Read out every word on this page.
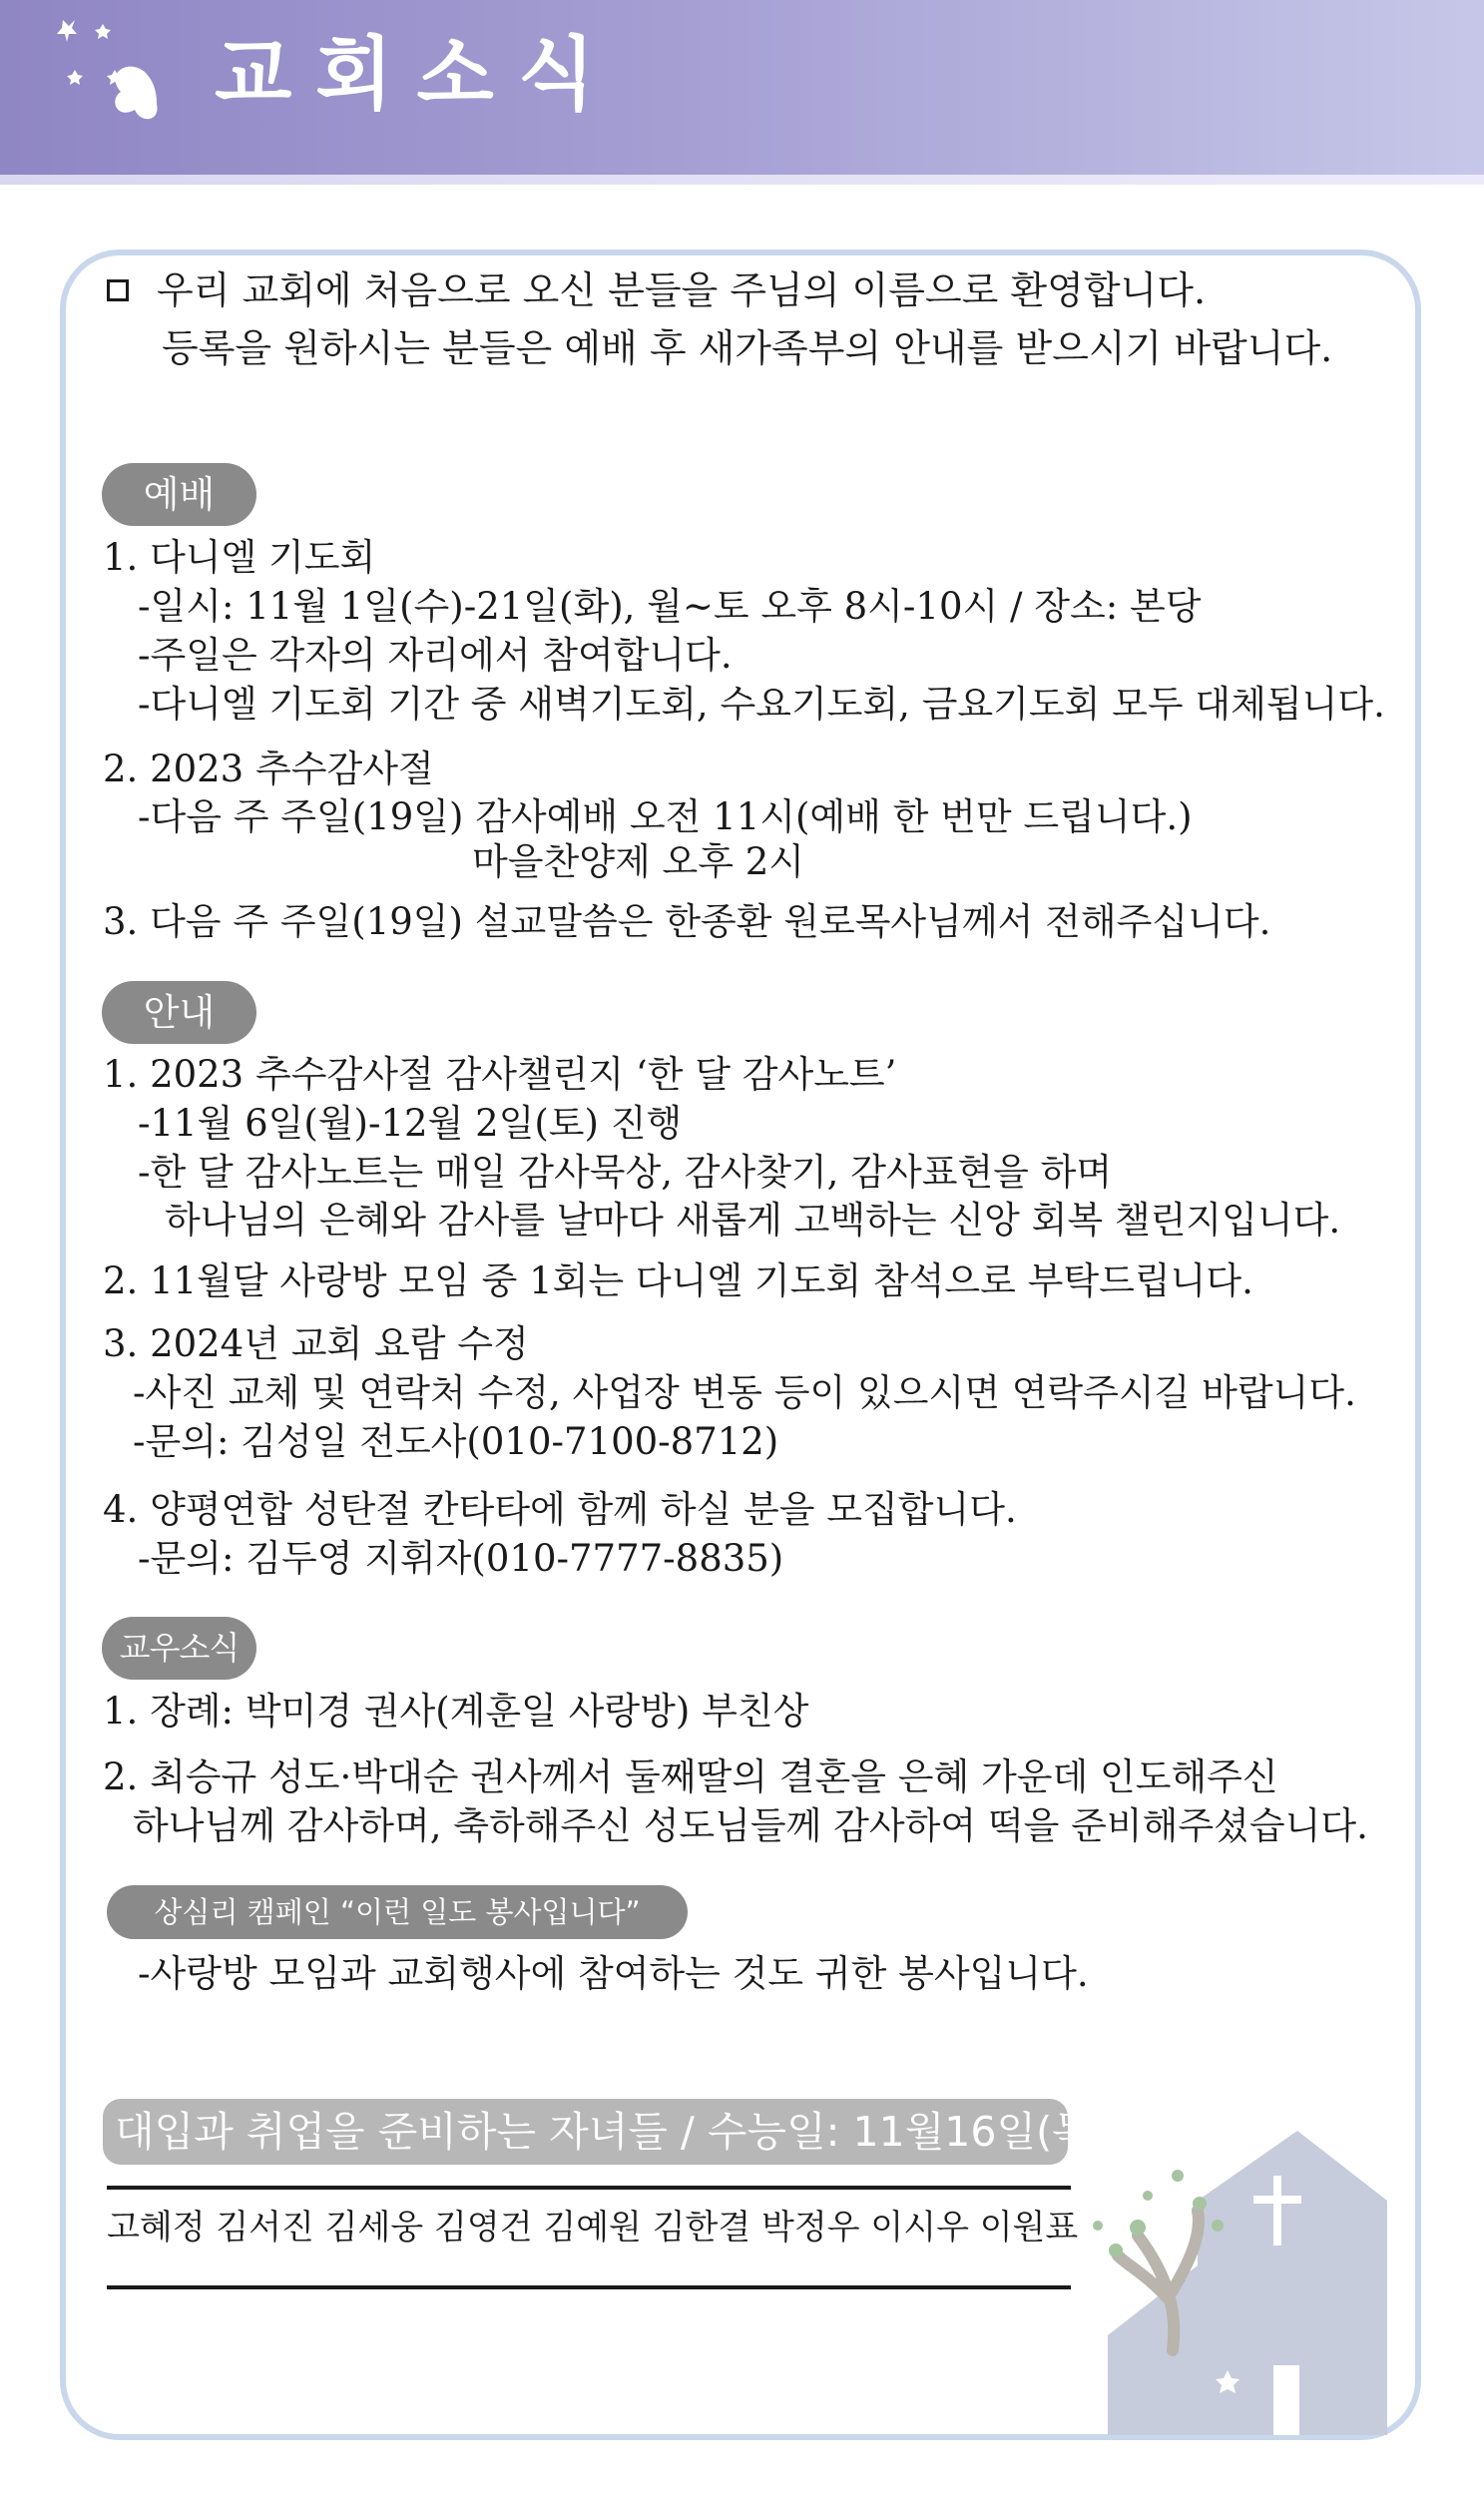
교회소식
우리 교회에 처음으로 오신 분들을 주님의 이름으로 환영합니다.
등록을 원하시는 분들은 예배 후 새가족부의 안내를 받으시기 바랍니다.
예배
1. 다니엘 기도회
-일시: 11월 1일(수)-21일(화), 월~토 오후 8시-10시 / 장소: 본당
-주일은 각자의 자리에서 참여합니다.
-다니엘 기도회 기간 중 새벽기도회, 수요기도회, 금요기도회 모두 대체됩니다.
2. 2023 추수감사절
-다음 주 주일(19일) 감사예배 오전 11시(예배 한 번만 드립니다.)
마을찬양제 오후 2시
3. 다음 주 주일(19일) 설교말씀은 한종환 원로목사님께서 전해주십니다.
안내
1. 2023 추수감사절 감사챌린지 ‘한 달 감사노트’
-11월 6일(월)-12월 2일(토) 진행
-한 달 감사노트는 매일 감사묵상, 감사찾기, 감사표현을 하며
하나님의 은혜와 감사를 날마다 새롭게 고백하는 신앙 회복 챌린지입니다.
2. 11월달 사랑방 모임 중 1회는 다니엘 기도회 참석으로 부탁드립니다.
3. 2024년 교회 요람 수정
-사진 교체 및 연락처 수정, 사업장 변동 등이 있으시면 연락주시길 바랍니다.
-문의: 김성일 전도사(010-7100-8712)
4. 양평연합 성탄절 칸타타에 함께 하실 분을 모집합니다.
-문의: 김두영 지휘자(010-7777-8835)
교우소식
1. 장례: 박미경 권사(계훈일 사랑방) 부친상
2. 최승규 성도·박대순 권사께서 둘째딸의 결혼을 은혜 가운데 인도해주신
하나님께 감사하며, 축하해주신 성도님들께 감사하여 떡을 준비해주셨습니다.
상심리 캠페인 “이런 일도 봉사입니다”
-사랑방 모임과 교회행사에 참여하는 것도 귀한 봉사입니다.
대입과 취업을 준비하는 자녀들 / 수능일: 11월16일(목)
고혜정 김서진 김세웅 김영건 김예원 김한결 박정우 이시우 이원표
